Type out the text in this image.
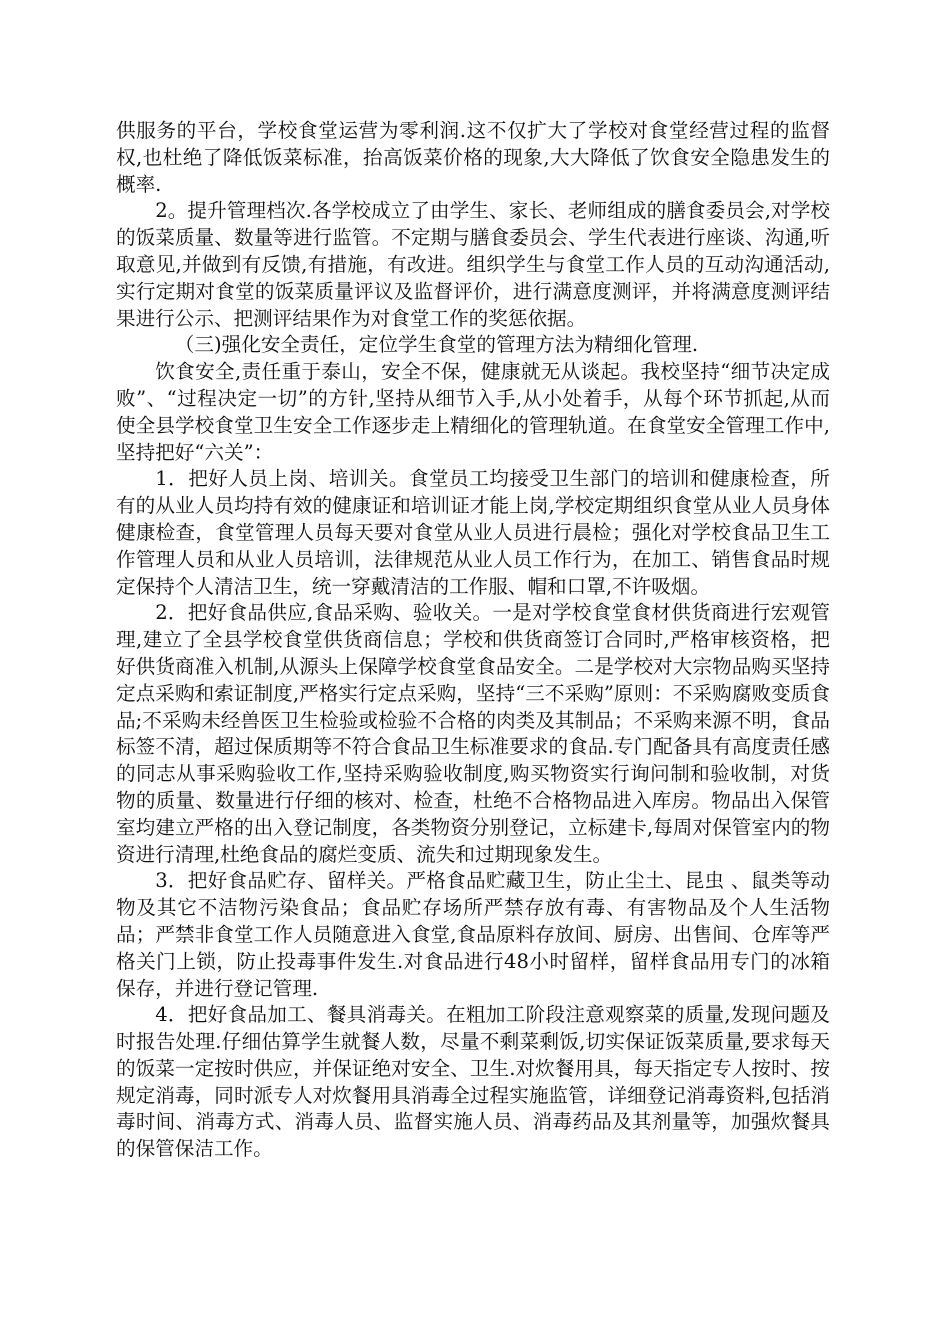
供服务的平台，学校食堂运营为零利润.这不仅扩大了学校对食堂经营过程的监督权,也杜绝了降低饭菜标准，抬高饭菜价格的现象,大大降低了饮食安全隐患发生的概率.

2。提升管理档次.各学校成立了由学生、家长、老师组成的膳食委员会,对学校的饭菜质量、数量等进行监管。不定期与膳食委员会、学生代表进行座谈、沟通,听取意见,并做到有反馈,有措施，有改进。组织学生与食堂工作人员的互动沟通活动,实行定期对食堂的饭菜质量评议及监督评价，进行满意度测评，并将满意度测评结果进行公示、把测评结果作为对食堂工作的奖惩依据。

（三)强化安全责任，定位学生食堂的管理方法为精细化管理.

饮食安全,责任重于泰山，安全不保，健康就无从谈起。我校坚持“细节决定成败”、“过程决定一切”的方针,坚持从细节入手,从小处着手，从每个环节抓起,从而使全县学校食堂卫生安全工作逐步走上精细化的管理轨道。在食堂安全管理工作中,坚持把好“六关”：

1．把好人员上岗、培训关。食堂员工均接受卫生部门的培训和健康检查，所有的从业人员均持有效的健康证和培训证才能上岗,学校定期组织食堂从业人员身体健康检查，食堂管理人员每天要对食堂从业人员进行晨检；强化对学校食品卫生工作管理人员和从业人员培训，法律规范从业人员工作行为，在加工、销售食品时规定保持个人清洁卫生，统一穿戴清洁的工作服、帽和口罩,不许吸烟。

2．把好食品供应,食品采购、验收关。一是对学校食堂食材供货商进行宏观管理,建立了全县学校食堂供货商信息；学校和供货商签订合同时,严格审核资格，把好供货商准入机制,从源头上保障学校食堂食品安全。二是学校对大宗物品购买坚持定点采购和索证制度,严格实行定点采购，坚持“三不采购”原则：不采购腐败变质食品;不采购未经兽医卫生检验或检验不合格的肉类及其制品；不采购来源不明，食品标签不清，超过保质期等不符合食品卫生标准要求的食品.专门配备具有高度责任感的同志从事采购验收工作,坚持采购验收制度,购买物资实行询问制和验收制，对货物的质量、数量进行仔细的核对、检查，杜绝不合格物品进入库房。物品出入保管室均建立严格的出入登记制度，各类物资分别登记，立标建卡,每周对保管室内的物资进行清理,杜绝食品的腐烂变质、流失和过期现象发生。

3．把好食品贮存、留样关。严格食品贮藏卫生，防止尘土、昆虫 、鼠类等动物及其它不洁物污染食品；食品贮存场所严禁存放有毒、有害物品及个人生活物品；严禁非食堂工作人员随意进入食堂,食品原料存放间、厨房、出售间、仓库等严格关门上锁，防止投毒事件发生.对食品进行48小时留样，留样食品用专门的冰箱保存，并进行登记管理.

4．把好食品加工、餐具消毒关。在粗加工阶段注意观察菜的质量,发现问题及时报告处理.仔细估算学生就餐人数，尽量不剩菜剩饭,切实保证饭菜质量,要求每天的饭菜一定按时供应，并保证绝对安全、卫生.对炊餐用具，每天指定专人按时、按规定消毒，同时派专人对炊餐用具消毒全过程实施监管，详细登记消毒资料,包括消毒时间、消毒方式、消毒人员、监督实施人员、消毒药品及其剂量等，加强炊餐具的保管保洁工作。
